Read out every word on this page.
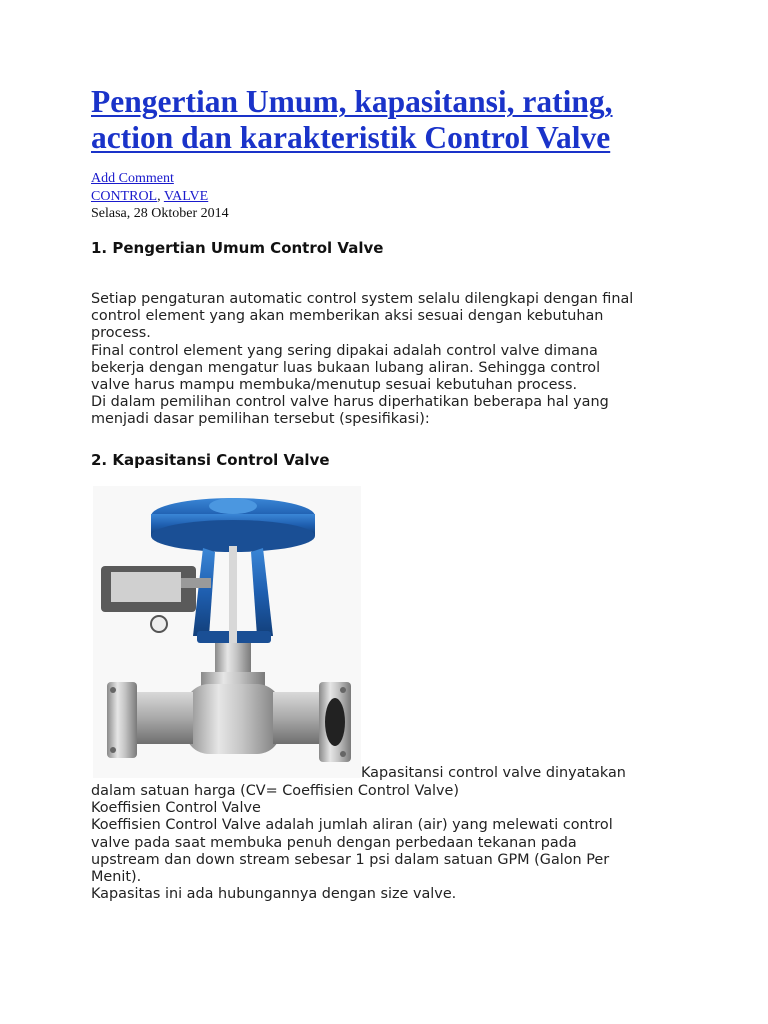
Pengertian Umum, kapasitansi, rating,
action dan karakteristik Control Valve
Add Comment
CONTROL, VALVE
Selasa, 28 Oktober 2014
1. Pengertian Umum Control Valve
Setiap pengaturan automatic control system selalu dilengkapi dengan final
control element yang akan memberikan aksi sesuai dengan kebutuhan
process.
Final control element yang sering dipakai adalah control valve dimana
bekerja dengan mengatur luas bukaan lubang aliran. Sehingga control
valve harus mampu membuka/menutup sesuai kebutuhan process.
Di dalam pemilihan control valve harus diperhatikan beberapa hal yang
menjadi dasar pemilihan tersebut (spesifikasi):
2. Kapasitansi Control Valve
Kapasitansi control valve dinyatakan
dalam satuan harga (CV= Coeffisien Control Valve)
Koeffisien Control Valve
Koeffisien Control Valve adalah jumlah aliran (air) yang melewati control
valve pada saat membuka penuh dengan perbedaan tekanan pada
upstream dan down stream sebesar 1 psi dalam satuan GPM (Galon Per
Menit).
Kapasitas ini ada hubungannya dengan size valve.
